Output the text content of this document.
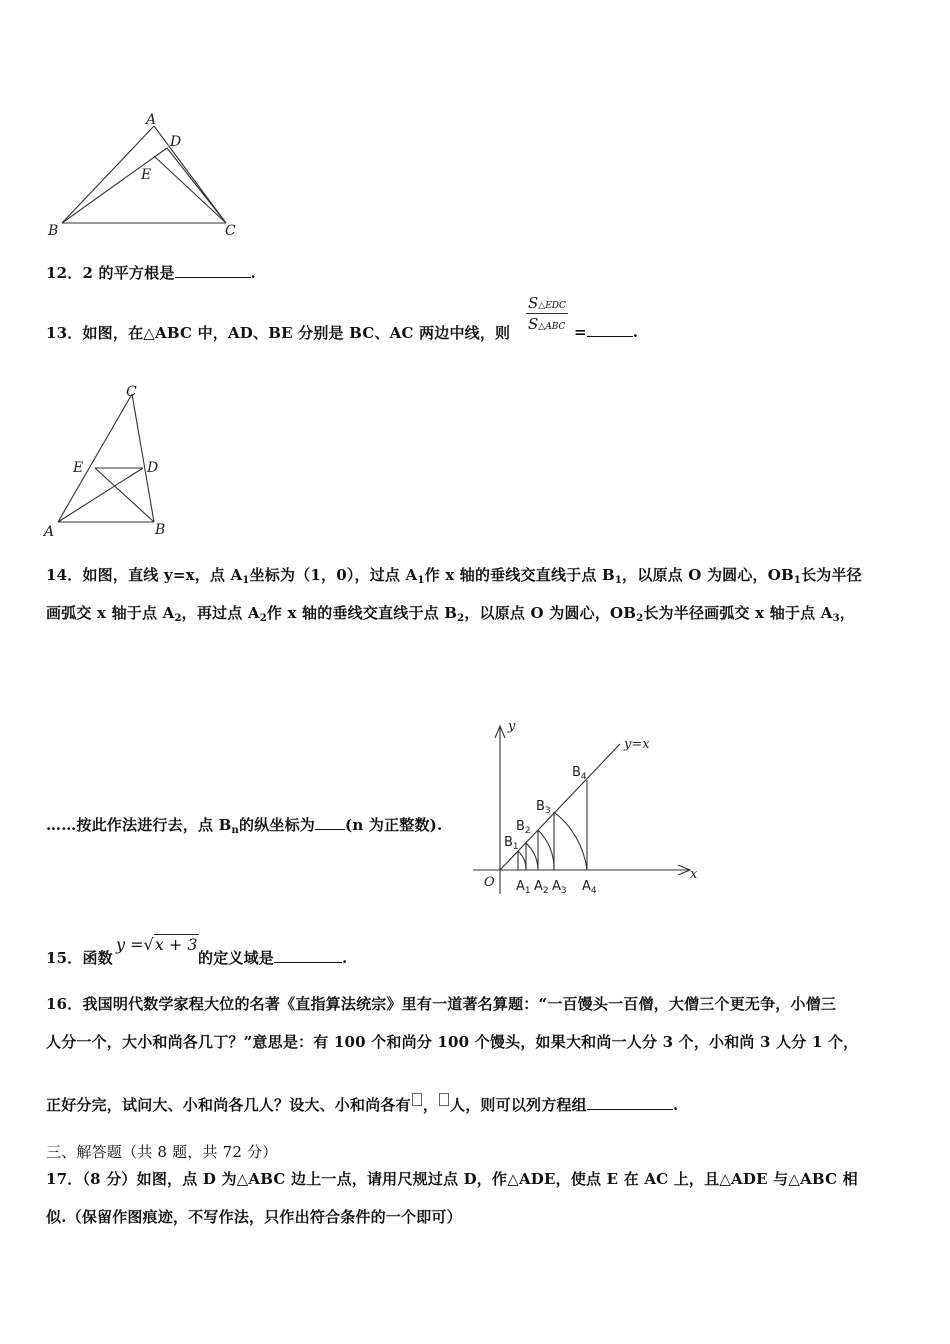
A
D
E
B	C
12．2 的平方根是	.
13．如图，在△ABC 中，AD、BE 分别是 BC、AC 两边中线，则
S△EDC
S△ABC =	.
C
E	D
A	B
14．如图，直线 y=x，点 $A_1$坐标为（1，0），过点 $A_1$作 x 轴的垂线交直线于点 $B_1$，以原点 O 为圆心，$OB_1$长为半径
画弧交 x 轴于点 $A_2$，再过点 $A_2$作 x 轴的垂线交直线于点 $B_2$，以原点 O 为圆心，$OB_2$长为半径画弧交 x 轴于点 $A_3$，
……按此作法进行去，点 $B_n$的纵坐标为 (n 为正整数).
y
x
y=x
O
$B_1$
$B_2$
$B_3$
$B_4$
$A_1$ $A_2$ $A_3$ $A_4$
15．函数
y =√x + 3
的定义域是	.
16．我国明代数学家程大位的名著《直指算法统宗》里有一道著名算题：“一百馒头一百僧，大僧三个更无争，小僧三
人分一个，大小和尚各几丁？”意思是：有 100 个和尚分 100 个馒头，如果大和尚一人分 3 个，小和尚 3 人分 1 个，
正好分完，试问大、小和尚各几人？设大、小和尚各有 ， 人，则可以列方程组	.
三、解答题（共 8 题，共 72 分）
17．（8 分）如图，点 D 为△ABC 边上一点，请用尺规过点 D，作△ADE，使点 E 在 AC 上，且△ADE 与△ABC 相
似.（保留作图痕迹，不写作法，只作出符合条件的一个即可）
